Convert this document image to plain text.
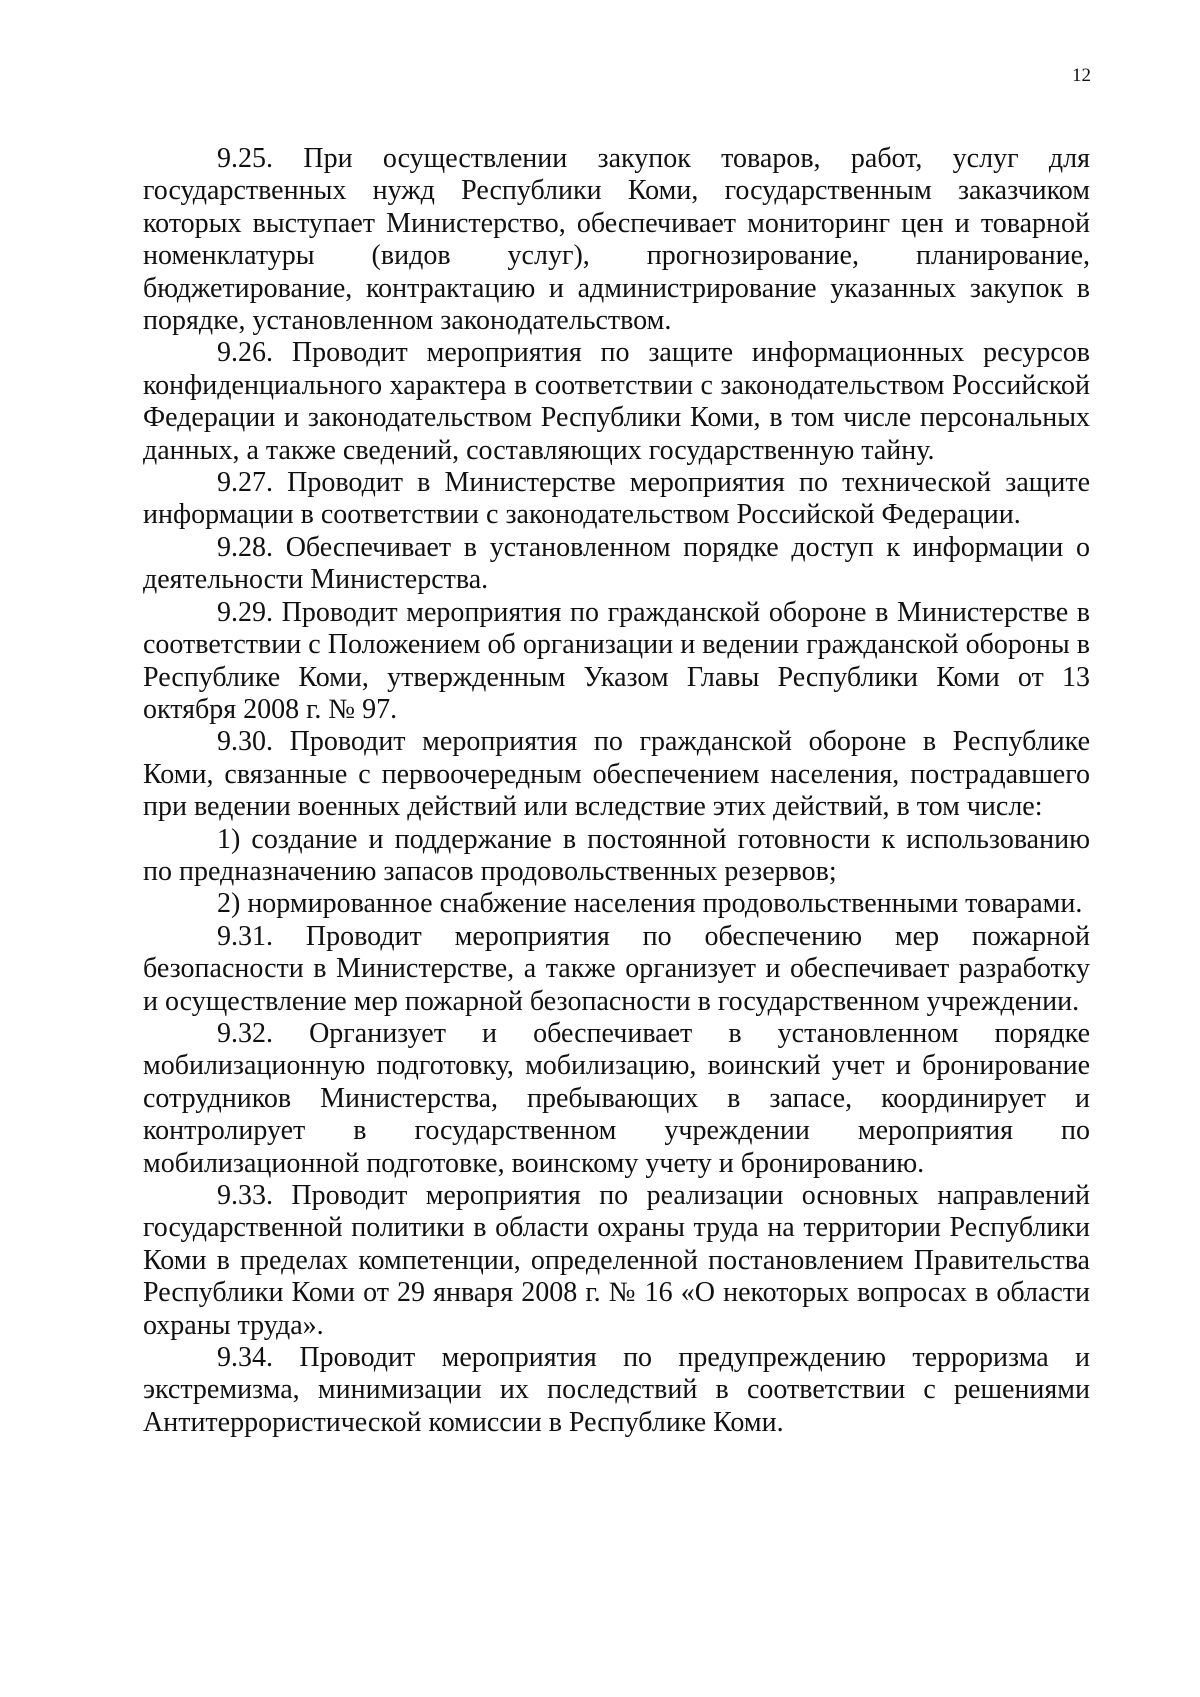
12

9.25. При осуществлении закупок товаров, работ, услуг для государственных нужд Республики Коми, государственным заказчиком которых выступает Министерство, обеспечивает мониторинг цен и товарной номенклатуры (видов услуг), прогнозирование, планирование, бюджетирование, контрактацию и администрирование указанных закупок в порядке, установленном законодательством.

9.26. Проводит мероприятия по защите информационных ресурсов конфиденциального характера в соответствии с законодательством Российской Федерации и законодательством Республики Коми, в том числе персональных данных, а также сведений, составляющих государственную тайну.

9.27. Проводит в Министерстве мероприятия по технической защите информации в соответствии с законодательством Российской Федерации.

9.28. Обеспечивает в установленном порядке доступ к информации о деятельности Министерства.

9.29. Проводит мероприятия по гражданской обороне в Министерстве в соответствии с Положением об организации и ведении гражданской обороны в Республике Коми, утвержденным Указом Главы Республики Коми от 13 октября 2008 г. № 97.

9.30. Проводит мероприятия по гражданской обороне в Республике Коми, связанные с первоочередным обеспечением населения, пострадавшего при ведении военных действий или вследствие этих действий, в том числе:

1) создание и поддержание в постоянной готовности к использованию по предназначению запасов продовольственных резервов;

2) нормированное снабжение населения продовольственными товарами.

9.31. Проводит мероприятия по обеспечению мер пожарной безопасности в Министерстве, а также организует и обеспечивает разработку и осуществление мер пожарной безопасности в государственном учреждении.

9.32. Организует и обеспечивает в установленном порядке мобилизационную подготовку, мобилизацию, воинский учет и бронирование сотрудников Министерства, пребывающих в запасе, координирует и контролирует в государственном учреждении мероприятия по мобилизационной подготовке, воинскому учету и бронированию.

9.33. Проводит мероприятия по реализации основных направлений государственной политики в области охраны труда на территории Республики Коми в пределах компетенции, определенной постановлением Правительства Республики Коми от 29 января 2008 г. № 16 «О некоторых вопросах в области охраны труда».

9.34. Проводит мероприятия по предупреждению терроризма и экстремизма, минимизации их последствий в соответствии с решениями Антитеррористической комиссии в Республике Коми.
